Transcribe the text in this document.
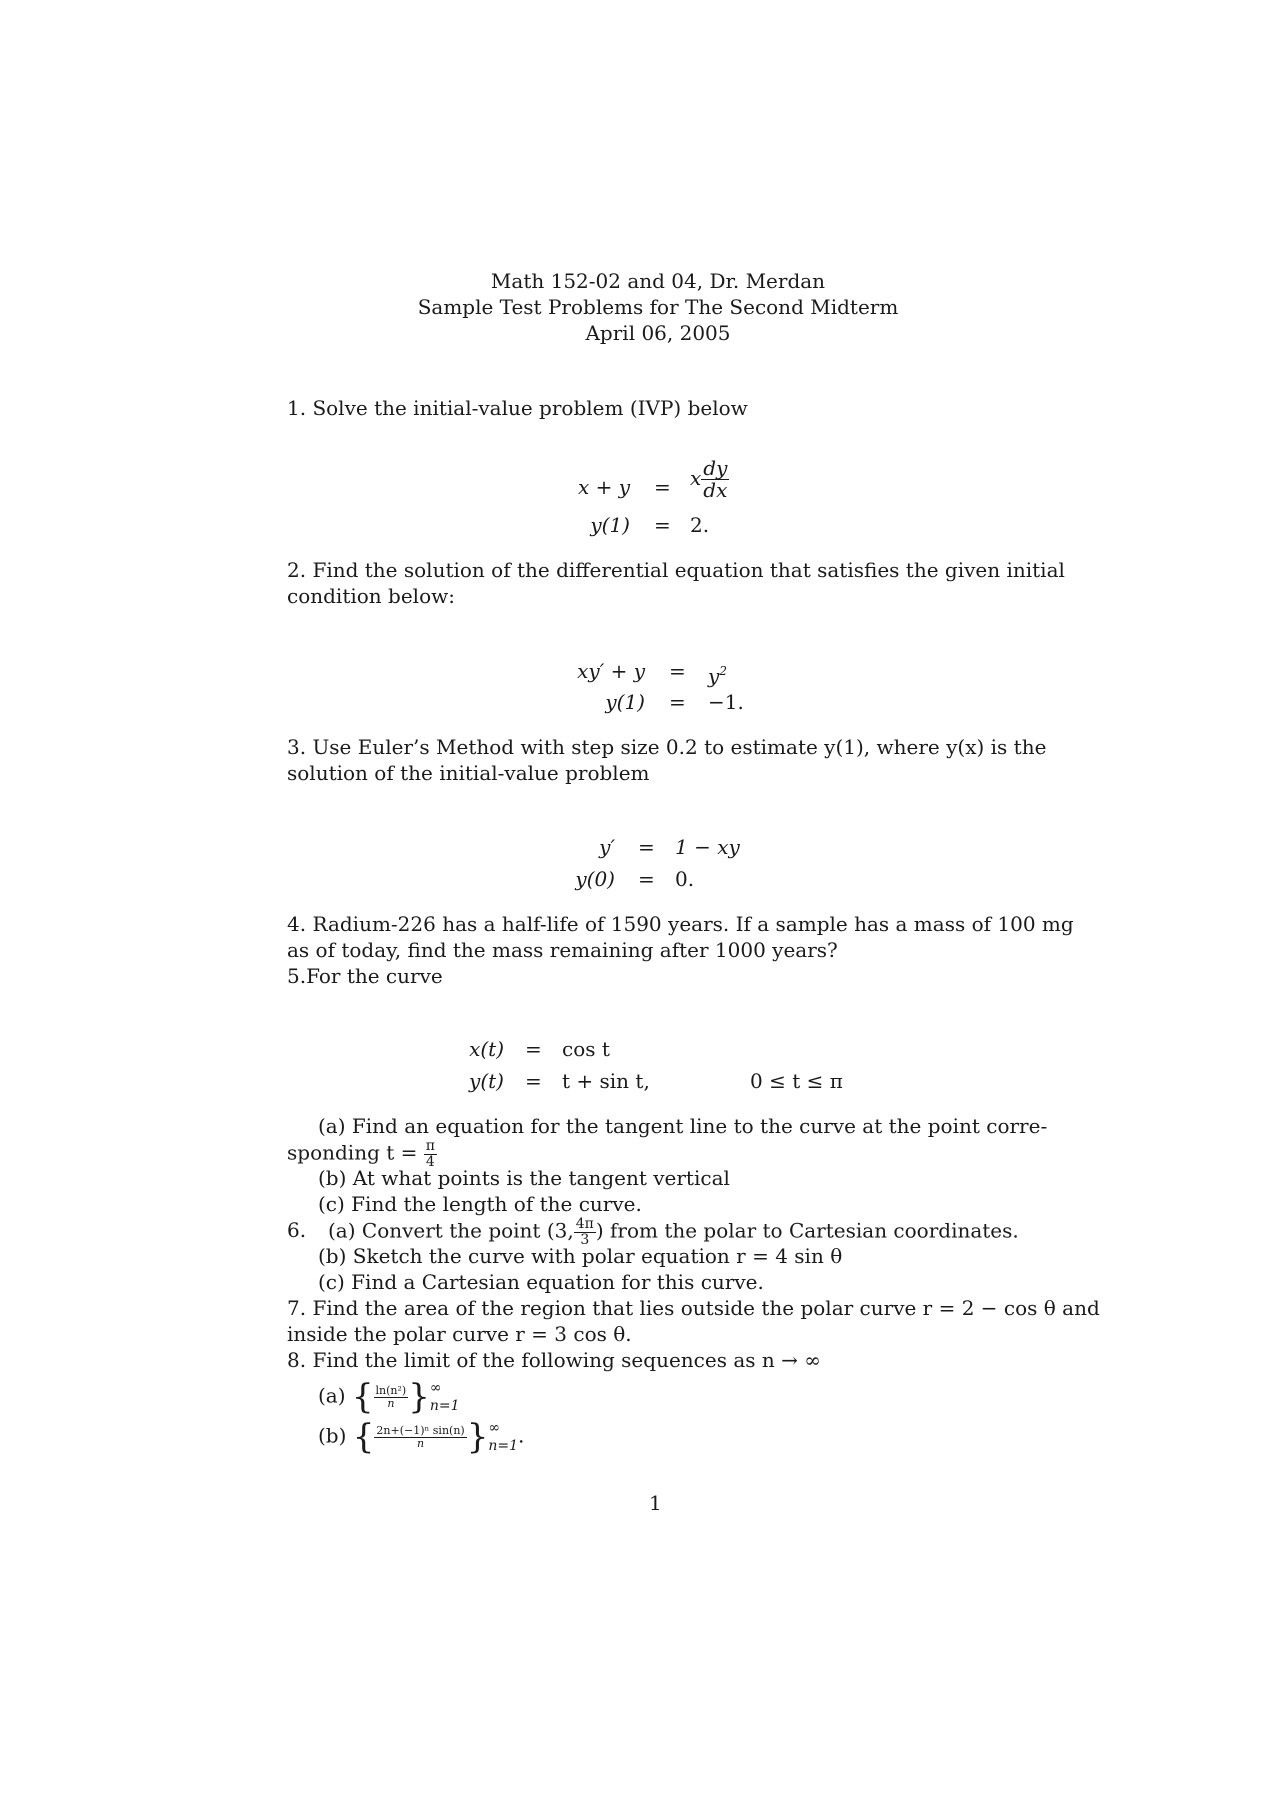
Math 152-02 and 04, Dr. Merdan
Sample Test Problems for The Second Midterm
April 06, 2005
1. Solve the initial-value problem (IVP) below
x + y = x $\frac{dy}{dx}$
y(1) = 2.
2. Find the solution of the differential equation that satisfies the given initial
condition below:
$xy' + y = y^2$
y(1) = −1.
3. Use Euler’s Method with step size 0.2 to estimate y(1), where y(x) is the
solution of the initial-value problem
y′ = 1 − xy
y(0) = 0.
4. Radium-226 has a half-life of 1590 years. If a sample has a mass of 100 mg
as of today, find the mass remaining after 1000 years?
5.For the curve
x(t) = cos t
y(t) = t + sin t,	0 ≤ t ≤ π
(a) Find an equation for the tangent line to the curve at the point corre-
sponding $t = \frac{\pi}{4}$
(b) At what points is the tangent vertical
(c) Find the length of the curve.
6. (a) Convert the point (3, $\frac{4\pi}{3}$ ) from the polar to Cartesian coordinates.
(b) Sketch the curve with polar equation r = 4 sin θ
(c) Find a Cartesian equation for this curve.
7. Find the area of the region that lies outside the polar curve r = 2 − cos θ and
inside the polar curve r = 3 cos θ.
8. Find the limit of the following sequences as n → ∞
(a) { $\frac{\text{ln(n²)}}{n}$ } ∞
n=1
(b) { $\frac{\text{2n+(−1)ⁿ sin(n)}}{n}$ } ∞
n=1 .
1
